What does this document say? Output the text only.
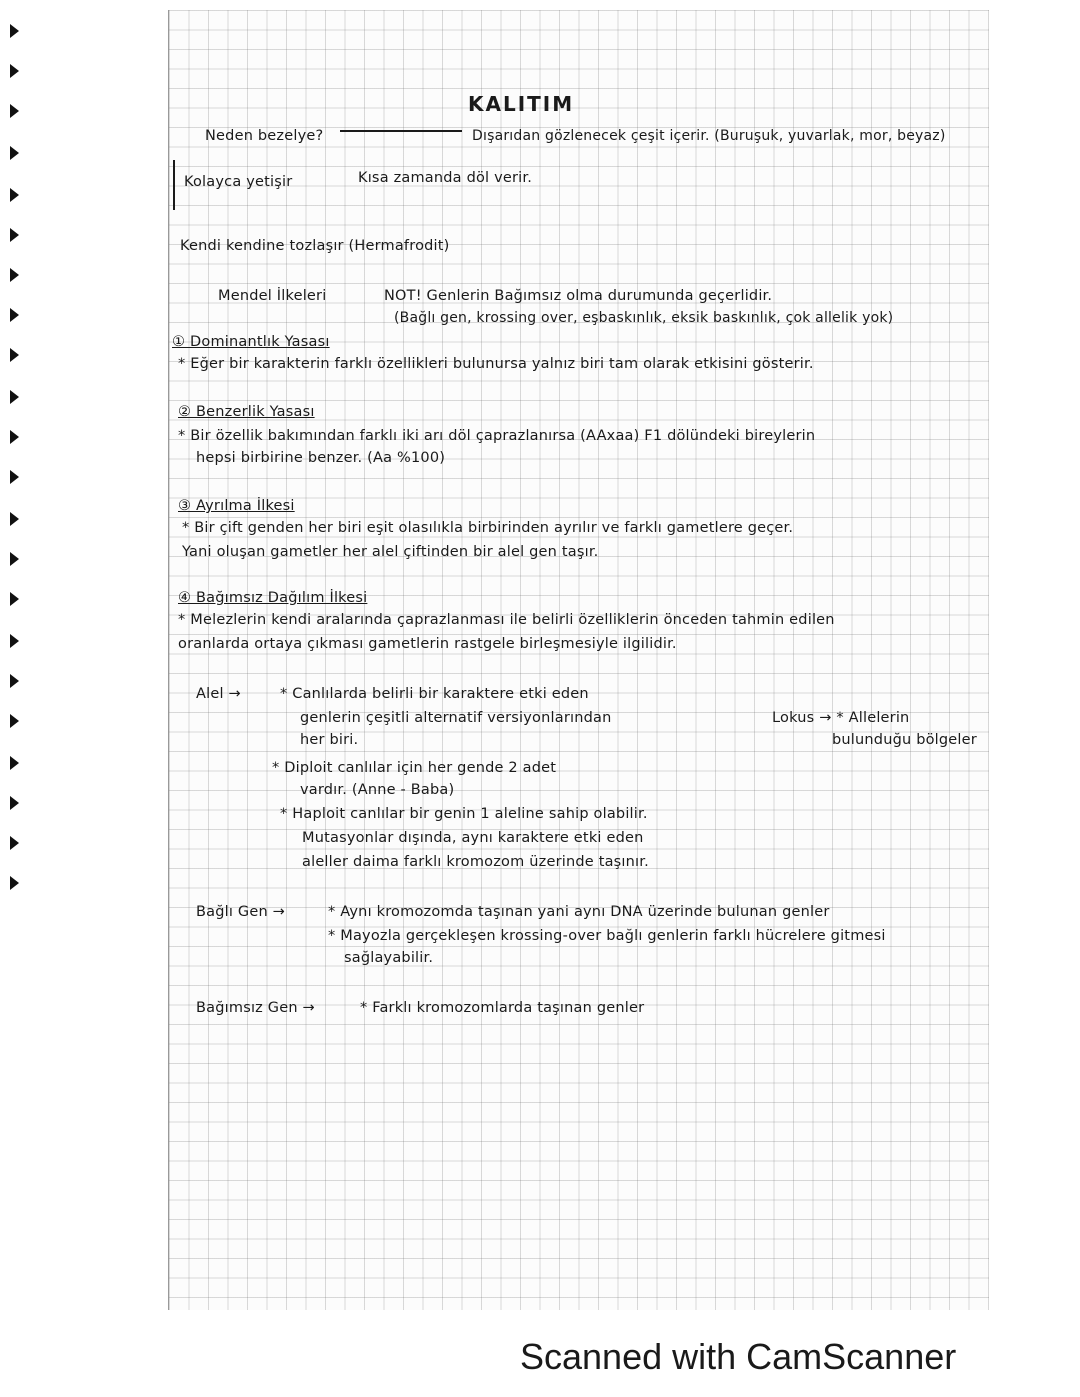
KALITIM
Neden bezelye?	Dışarıdan gözlenecek çeşit içerir. (Buruşuk, yuvarlak, mor, beyaz)
Kolayca yetişir	Kısa zamanda döl verir.
Kendi kendine tozlaşır (Hermafrodit)
Mendel İlkeleri	NOT! Genlerin Bağımsız olma durumunda geçerlidir.
(Bağlı gen, krossing over, eşbaskınlık, eksik baskınlık, çok allelik yok)
① Dominantlık Yasası
* Eğer bir karakterin farklı özellikleri bulunursa yalnız biri tam olarak etkisini gösterir.
② Benzerlik Yasası
* Bir özellik bakımından farklı iki arı döl çaprazlanırsa (AAxaa) F1 dölündeki bireylerin
hepsi birbirine benzer. (Aa %100)
③ Ayrılma İlkesi
* Bir çift genden her biri eşit olasılıkla birbirinden ayrılır ve farklı gametlere geçer.
Yani oluşan gametler her alel çiftinden bir alel gen taşır.
④ Bağımsız Dağılım İlkesi
* Melezlerin kendi aralarında çaprazlanması ile belirli özelliklerin önceden tahmin edilen
oranlarda ortaya çıkması gametlerin rastgele birleşmesiyle ilgilidir.
Alel →	* Canlılarda belirli bir karaktere etki eden
genlerin çeşitli alternatif versiyonlarından
her biri.
Lokus → * Allelerin
bulunduğu bölgeler
* Diploit canlılar için her gende 2 adet
vardır. (Anne - Baba)
* Haploit canlılar bir genin 1 aleline sahip olabilir.
Mutasyonlar dışında, aynı karaktere etki eden
aleller daima farklı kromozom üzerinde taşınır.
Bağlı Gen →	* Aynı kromozomda taşınan yani aynı DNA üzerinde bulunan genler
* Mayozla gerçekleşen krossing-over bağlı genlerin farklı hücrelere gitmesi
sağlayabilir.
Bağımsız Gen →	* Farklı kromozomlarda taşınan genler
Scanned with CamScanner
